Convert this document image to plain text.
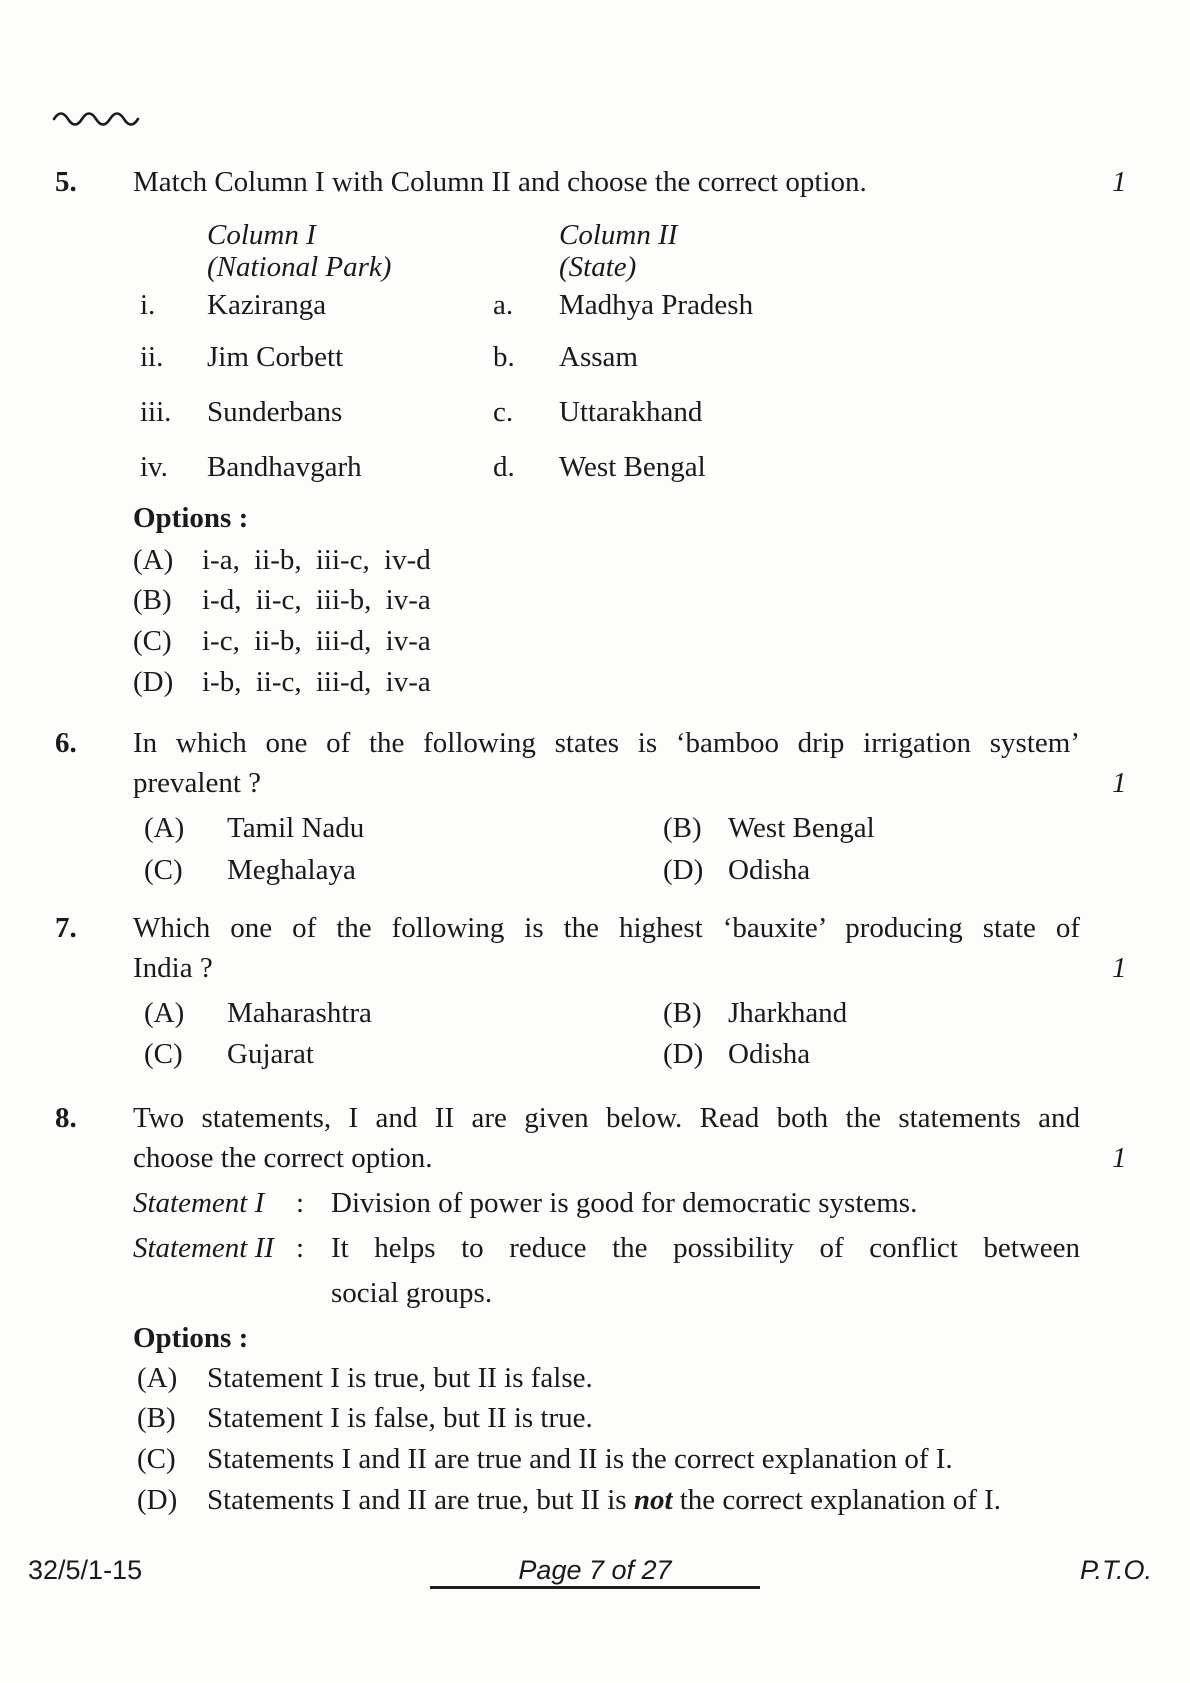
5. Match Column I with Column II and choose the correct option.	1
Column I	Column II
(National Park)	(State)
i. Kaziranga	a. Madhya Pradesh
ii. Jim Corbett	b. Assam
iii. Sunderbans	c. Uttarakhand
iv. Bandhavgarh	d. West Bengal
Options :
(A) i-a, ii-b, iii-c, iv-d
(B) i-d, ii-c, iii-b, iv-a
(C) i-c, ii-b, iii-d, iv-a
(D) i-b, ii-c, iii-d, iv-a
6. In which one of the following states is ‘bamboo drip irrigation system’
prevalent ?	1
(A) Tamil Nadu	(B) West Bengal
(C) Meghalaya	(D) Odisha
7. Which one of the following is the highest ‘bauxite’ producing state of
India ?	1
(A) Maharashtra	(B) Jharkhand
(C) Gujarat	(D) Odisha
8. Two statements, I and II are given below. Read both the statements and
choose the correct option.	1
Statement I : Division of power is good for democratic systems.
Statement II : It helps to reduce the possibility of conflict between
social groups.
Options :
(A) Statement I is true, but II is false.
(B) Statement I is false, but II is true.
(C) Statements I and II are true and II is the correct explanation of I.
(D) Statements I and II are true, but II is not the correct explanation of I.
32/5/1-15	Page 7 of 27	P.T.O.
